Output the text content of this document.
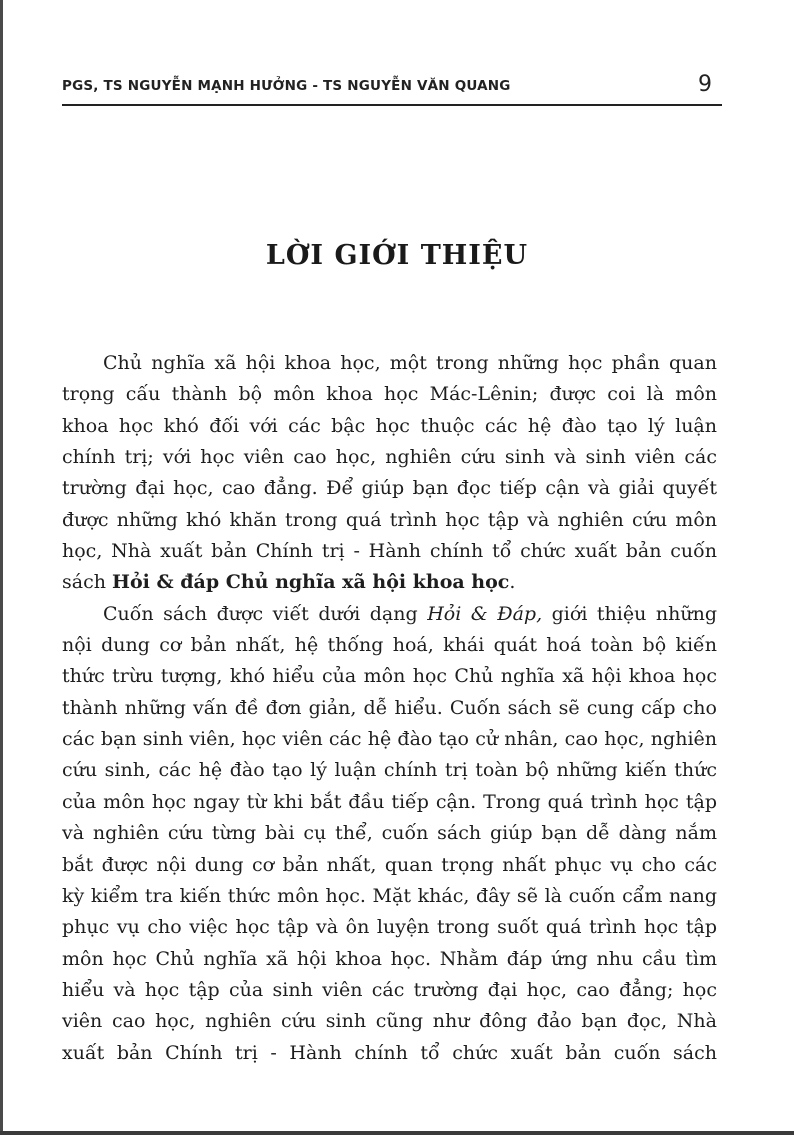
PGS, TS NGUYỄN MẠNH HƯỞNG - TS NGUYỄN VĂN QUANG	9
LỜI GIỚI THIỆU
Chủ nghĩa xã hội khoa học, một trong những học phần quan
trọng cấu thành bộ môn khoa học Mác-Lênin; được coi là môn
khoa học khó đối với các bậc học thuộc các hệ đào tạo lý luận
chính trị; với học viên cao học, nghiên cứu sinh và sinh viên các
trường đại học, cao đẳng. Để giúp bạn đọc tiếp cận và giải quyết
được những khó khăn trong quá trình học tập và nghiên cứu môn
học, Nhà xuất bản Chính trị - Hành chính tổ chức xuất bản cuốn
sách Hỏi & đáp Chủ nghĩa xã hội khoa học.
Cuốn sách được viết dưới dạng Hỏi & Đáp, giới thiệu những
nội dung cơ bản nhất, hệ thống hoá, khái quát hoá toàn bộ kiến
thức trừu tượng, khó hiểu của môn học Chủ nghĩa xã hội khoa học
thành những vấn đề đơn giản, dễ hiểu. Cuốn sách sẽ cung cấp cho
các bạn sinh viên, học viên các hệ đào tạo cử nhân, cao học, nghiên
cứu sinh, các hệ đào tạo lý luận chính trị toàn bộ những kiến thức
của môn học ngay từ khi bắt đầu tiếp cận. Trong quá trình học tập
và nghiên cứu từng bài cụ thể, cuốn sách giúp bạn dễ dàng nắm
bắt được nội dung cơ bản nhất, quan trọng nhất phục vụ cho các
kỳ kiểm tra kiến thức môn học. Mặt khác, đây sẽ là cuốn cẩm nang
phục vụ cho việc học tập và ôn luyện trong suốt quá trình học tập
môn học Chủ nghĩa xã hội khoa học. Nhằm đáp ứng nhu cầu tìm
hiểu và học tập của sinh viên các trường đại học, cao đẳng; học
viên cao học, nghiên cứu sinh cũng như đông đảo bạn đọc, Nhà
xuất bản Chính trị - Hành chính tổ chức xuất bản cuốn sách
